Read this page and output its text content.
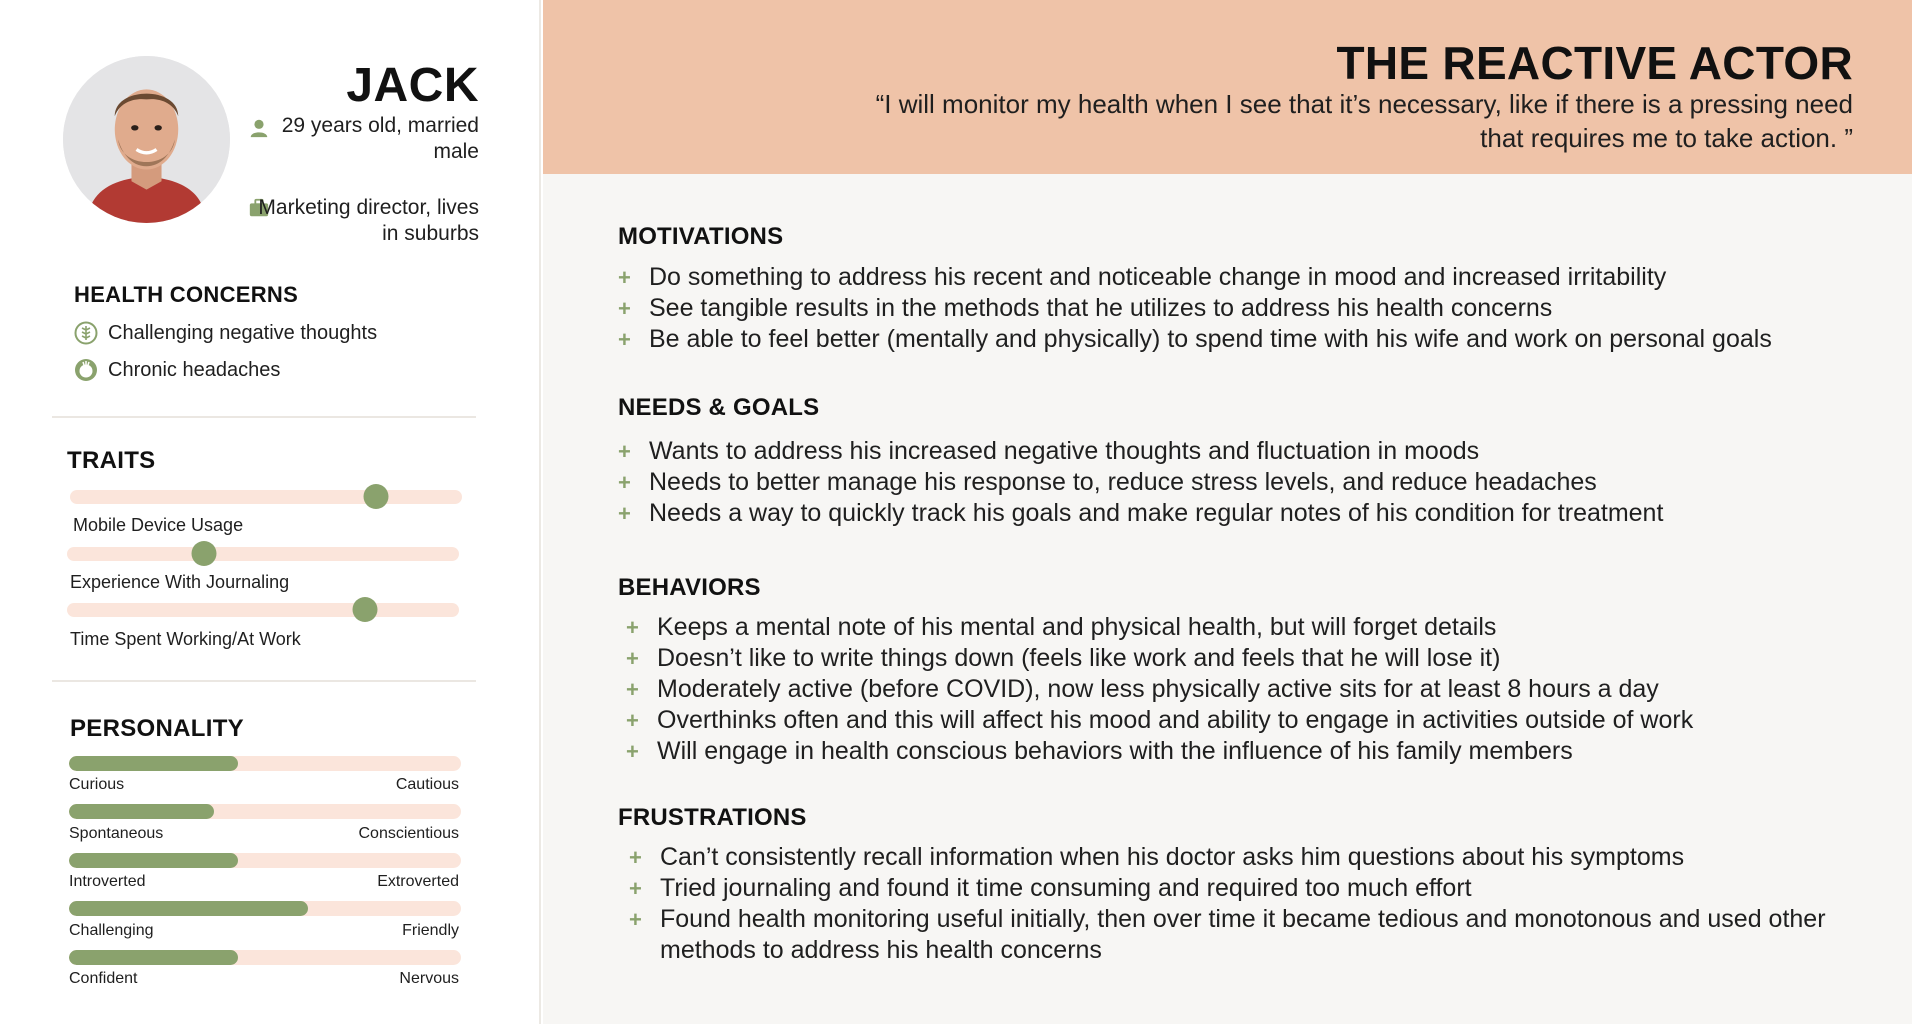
JACK
29 years old, married male
Marketing director, lives in suburbs
HEALTH CONCERNS
Challenging negative thoughts
Chronic headaches
TRAITS
Mobile Device Usage
Experience With Journaling
Time Spent Working/At Work
PERSONALITY
Curious	Cautious
Spontaneous	Conscientious
Introverted	Extroverted
Challenging	Friendly
Confident	Nervous
THE REACTIVE ACTOR
“I will monitor my health when I see that it’s necessary, like if there is a pressing need that requires me to take action. ”
MOTIVATIONS
+ Do something to address his recent and noticeable change in mood and increased irritability
+ See tangible results in the methods that he utilizes to address his health concerns
+ Be able to feel better (mentally and physically) to spend time with his wife and work on personal goals
NEEDS & GOALS
+ Wants to address his increased negative thoughts and fluctuation in moods
+ Needs to better manage his response to, reduce stress levels, and reduce headaches
+ Needs a way to quickly track his goals and make regular notes of his condition for treatment
BEHAVIORS
+ Keeps a mental note of his mental and physical health, but will forget details
+ Doesn’t like to write things down (feels like work and feels that he will lose it)
+ Moderately active (before COVID), now less physically active sits for at least 8 hours a day
+ Overthinks often and this will affect his mood and ability to engage in activities outside of work
+ Will engage in health conscious behaviors with the influence of his family members
FRUSTRATIONS
+ Can’t consistently recall information when his doctor asks him questions about his symptoms
+ Tried journaling and found it time consuming and required too much effort
+ Found health monitoring useful initially, then over time it became tedious and monotonous and used other methods to address his health concerns
